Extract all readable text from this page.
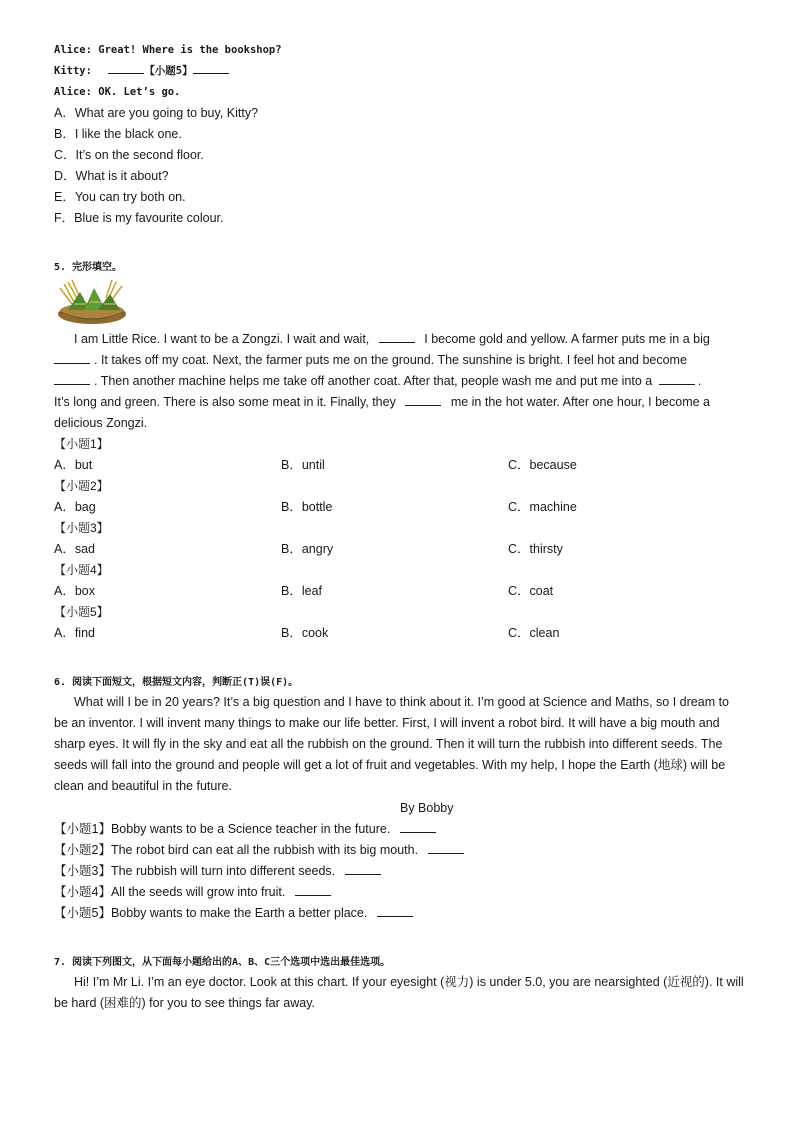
Alice: Great! Where is the bookshop?
Kitty:	【小题5】
Alice: OK. Let’s go.
A．What are you going to buy, Kitty?
B．I like the black one.
C．It’s on the second floor.
D．What is it about?
E．You can try both on.
F．Blue is my favourite colour.
5. 完形填空。
I am Little Rice. I want to be a Zongzi. I wait and wait,	I become gold and yellow. A farmer puts me in a big
. It takes off my coat. Next, the farmer puts me on the ground. The sunshine is bright. I feel hot and become
. Then another machine helps me take off another coat. After that, people wash me and put me into a	.
It’s long and green. There is also some meat in it. Finally, they	me in the hot water. After one hour, I become a
delicious Zongzi.
【小题1】
A．but	B．until	C．because
【小题2】
A．bag	B．bottle	C．machine
【小题3】
A．sad	B．angry	C．thirsty
【小题4】
A．box	B．leaf	C．coat
【小题5】
A．find	B．cook	C．clean
6. 阅读下面短文，根据短文内容，判断正(T)误(F)。
What will I be in 20 years? It’s a big question and I have to think about it. I’m good at Science and Maths, so I dream to be an inventor. I will invent many things to make our life better. First, I will invent a robot bird. It will have a big mouth and sharp eyes. It will fly in the sky and eat all the rubbish on the ground. Then it will turn the rubbish into different seeds. The seeds will fall into the ground and people will get a lot of fruit and vegetables. With my help, I hope the Earth (地球) will be clean and beautiful in the future.
By Bobby
【小题1】Bobby wants to be a Science teacher in the future.
【小题2】The robot bird can eat all the rubbish with its big mouth.
【小题3】The rubbish will turn into different seeds.
【小题4】All the seeds will grow into fruit.
【小题5】Bobby wants to make the Earth a better place.
7. 阅读下列图文，从下面每小题给出的A、B、C三个选项中选出最佳选项。
Hi! I’m Mr Li. I’m an eye doctor. Look at this chart. If your eyesight (视力) is under 5.0, you are nearsighted (近视的). It will be hard (困难的) for you to see things far away.
